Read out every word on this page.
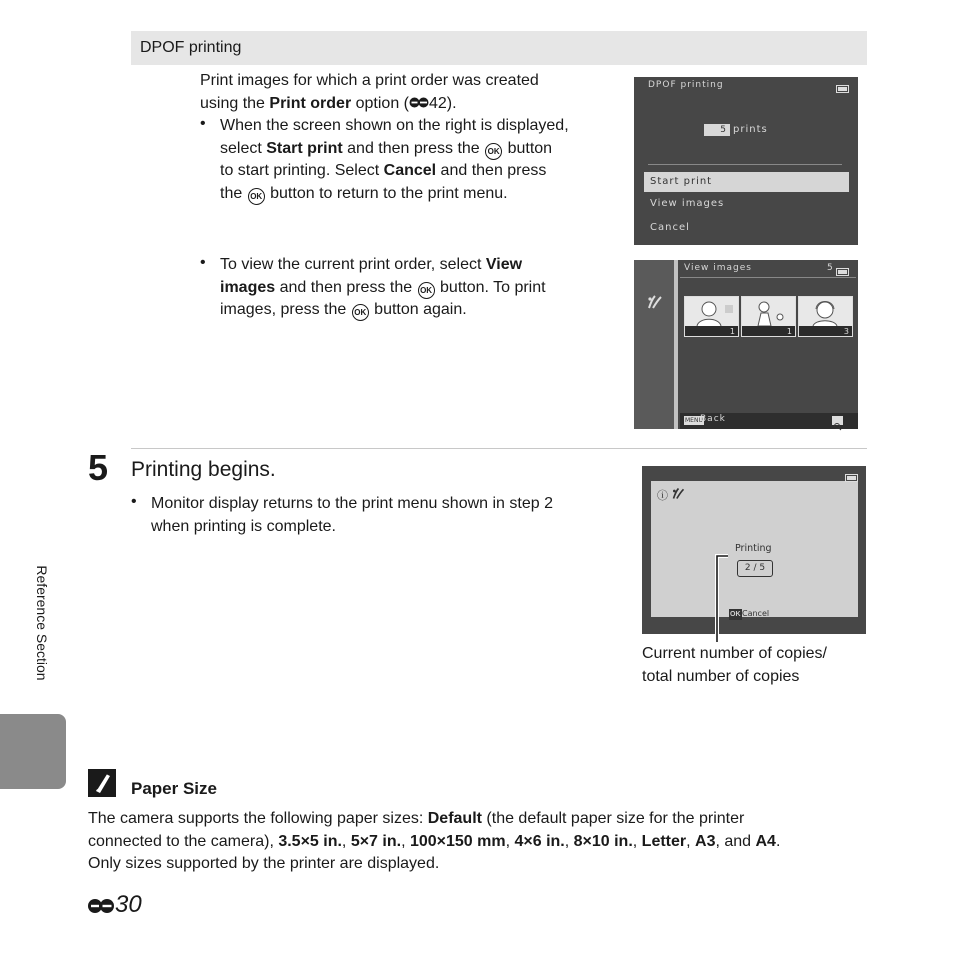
DPOF printing
Print images for which a print order was created
using the Print order option ( 42).
• When the screen shown on the right is displayed,
select Start print and then press the OK button
to start printing. Select Cancel and then press
the OK button to return to the print menu.
• To view the current print order, select View
images and then press the OK button. To print
images, press the OK button again.
DPOF printing
5 prints
Start print
View images
Cancel
View images	5
1	1	3
MENU
Back
5 Printing begins.
• Monitor display returns to the print menu shown in step 2
when printing is complete.
ⓘ
Printing
2 / 5
OK Cancel
Current number of copies/
total number of copies
Reference Section
Paper Size
The camera supports the following paper sizes: Default (the default paper size for the printer
connected to the camera), 3.5×5 in., 5×7 in., 100×150 mm, 4×6 in., 8×10 in., Letter, A3, and A4.
Only sizes supported by the printer are displayed.
30
